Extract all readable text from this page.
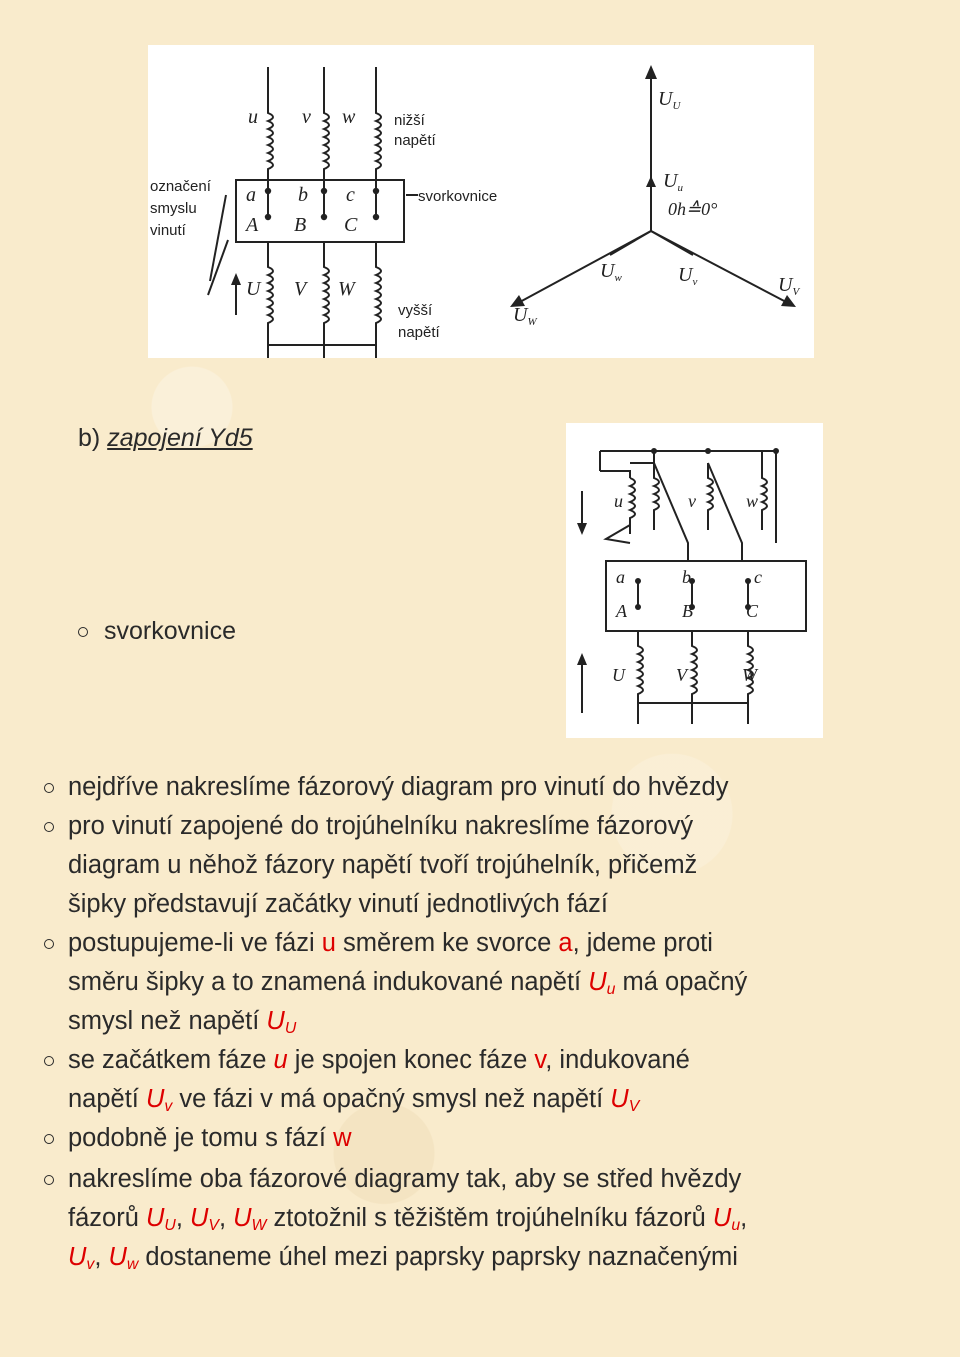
u v w
a b c
A B C
U V W
$U_U$
$U_u$
0h≙0°
$U_w$	$U_v$	$U_V$
$U_W$
nižší
napětí
označení
smyslu
vinutí
svorkovnice
vyšší
napětí
b) zapojení Yd5
svorkovnice
u	v	w
a	b	c
A	B	C
U	V	W
nejdříve nakreslíme fázorový diagram pro vinutí do hvězdy
pro vinutí zapojené do trojúhelníku nakreslíme fázorový
diagram u něhož fázory napětí tvoří trojúhelník, přičemž
šipky představují začátky vinutí jednotlivých fází
postupujeme-li ve fázi u směrem ke svorce a, jdeme proti
směru šipky a to znamená indukované napětí $U_u$ má opačný
smysl než napětí $U_U$
se začátkem fáze u je spojen konec fáze v, indukované
napětí $U_v$ ve fázi v má opačný smysl než napětí $U_V$
podobně je tomu s fází w
nakreslíme oba fázorové diagramy tak, aby se střed hvězdy
fázorů $U_U$, $U_V$, $U_W$ ztotožnil s těžištěm trojúhelníku fázorů $U_u$,
$U_v$, $U_w$ dostaneme úhel mezi paprsky paprsky naznačenými
